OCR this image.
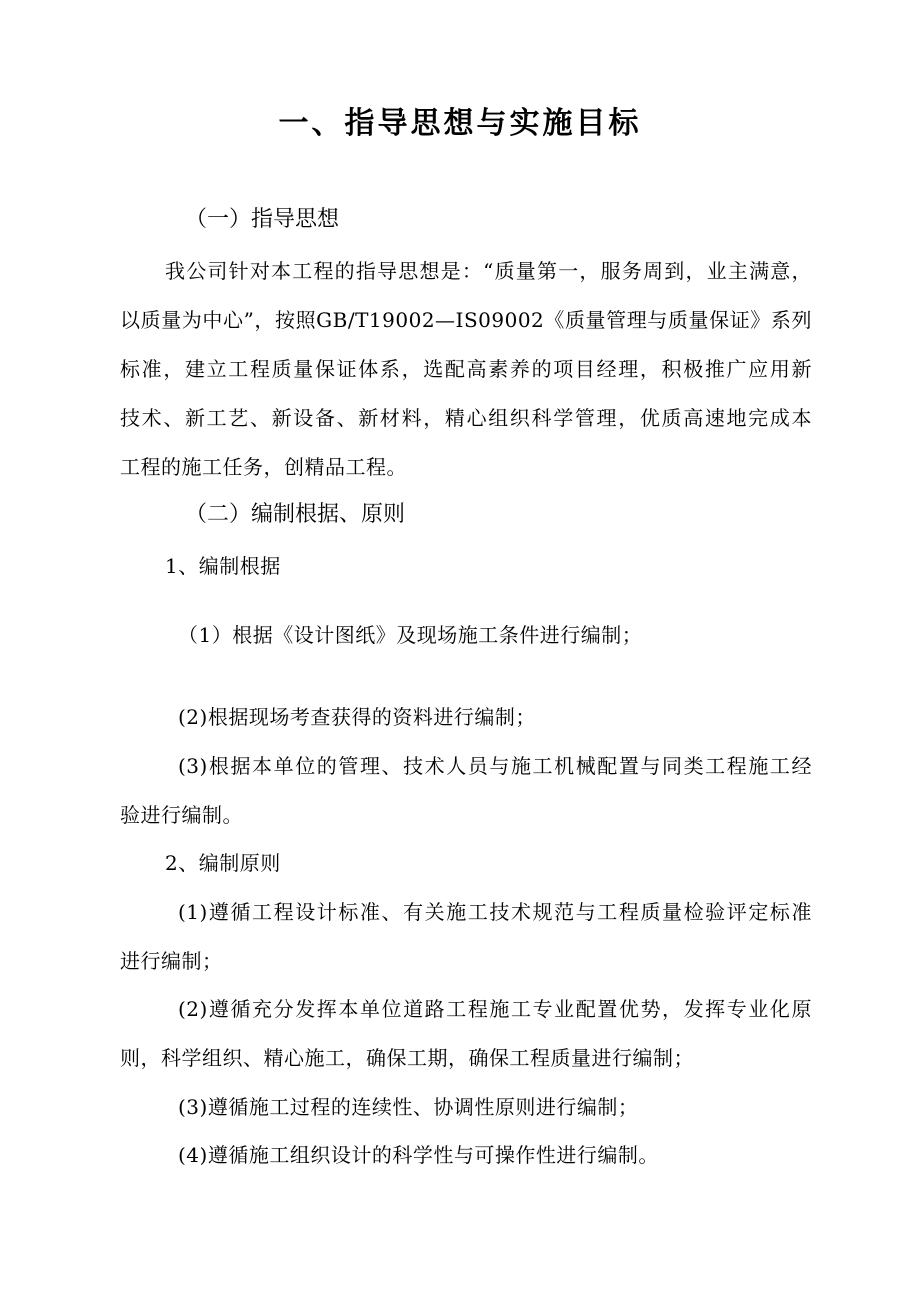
一、指导思想与实施目标
（一）指导思想
我公司针对本工程的指导思想是：“质量第一，服务周到，业主满意，
以质量为中心”，按照GB/T19002—IS09002《质量管理与质量保证》系列
标准，建立工程质量保证体系，选配高素养的项目经理，积极推广应用新
技术、新工艺、新设备、新材料，精心组织科学管理，优质高速地完成本
工程的施工任务，创精品工程。
（二）编制根据、原则
1、编制根据
（1）根据《设计图纸》及现场施工条件进行编制；
(2)根据现场考查获得的资料进行编制；
(3)根据本单位的管理、技术人员与施工机械配置与同类工程施工经
验进行编制。
2、编制原则
(1)遵循工程设计标准、有关施工技术规范与工程质量检验评定标准
进行编制；
(2)遵循充分发挥本单位道路工程施工专业配置优势，发挥专业化原
则，科学组织、精心施工，确保工期，确保工程质量进行编制；
(3)遵循施工过程的连续性、协调性原则进行编制；
(4)遵循施工组织设计的科学性与可操作性进行编制。
